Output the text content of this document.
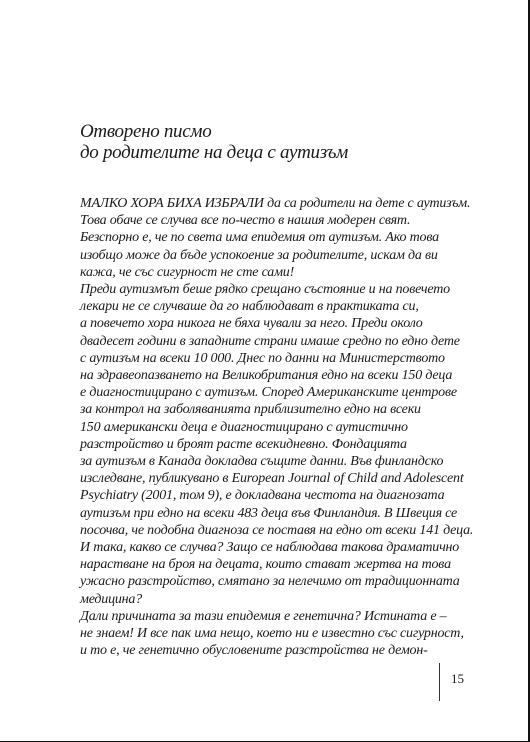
Отворено писмо
до родителите на деца с аутизъм
МАЛКО ХОРА БИХА ИЗБРАЛИ да са родители на дете с аутизъм.
Това обаче се случва все по-често в нашия модерен свят.
Безспорно е, че по света има епидемия от аутизъм. Ако това
изобщо може да бъде успокоение за родителите, искам да ви
кажа, че със сигурност не сте сами!
Преди аутизмът беше рядко срещано състояние и на повечето
лекари не се случваше да го наблюдават в практиката си,
а повечето хора никога не бяха чували за него. Преди около
двадесет години в западните страни имаше средно по едно дете
с аутизъм на всеки 10 000. Днес по данни на Министерството
на здравеопазването на Великобритания едно на всеки 150 деца
е диагностицирано с аутизъм. Според Американските центрове
за контрол на заболяванията приблизително едно на всеки
150 американски деца е диагностицирано с аутистично
разстройство и броят расте всекидневно. Фондацията
за аутизъм в Канада докладва същите данни. Във финландско
изследване, публикувано в European Journal of Child and Adolescent
Psychiatry (2001, том 9), е докладвана честота на диагнозата
аутизъм при едно на всеки 483 деца във Финландия. В Швеция се
посочва, че подобна диагноза се поставя на едно от всеки 141 деца.
И така, какво се случва? Защо се наблюдава такова драматично
нарастване на броя на децата, които стават жертва на това
ужасно разстройство, смятано за нелечимо от традиционната
медицина?
Дали причината за тази епидемия е генетична? Истината е –
не знаем! И все пак има нещо, което ни е известно със сигурност,
и то е, че генетично обусловените разстройства не демон-
15
